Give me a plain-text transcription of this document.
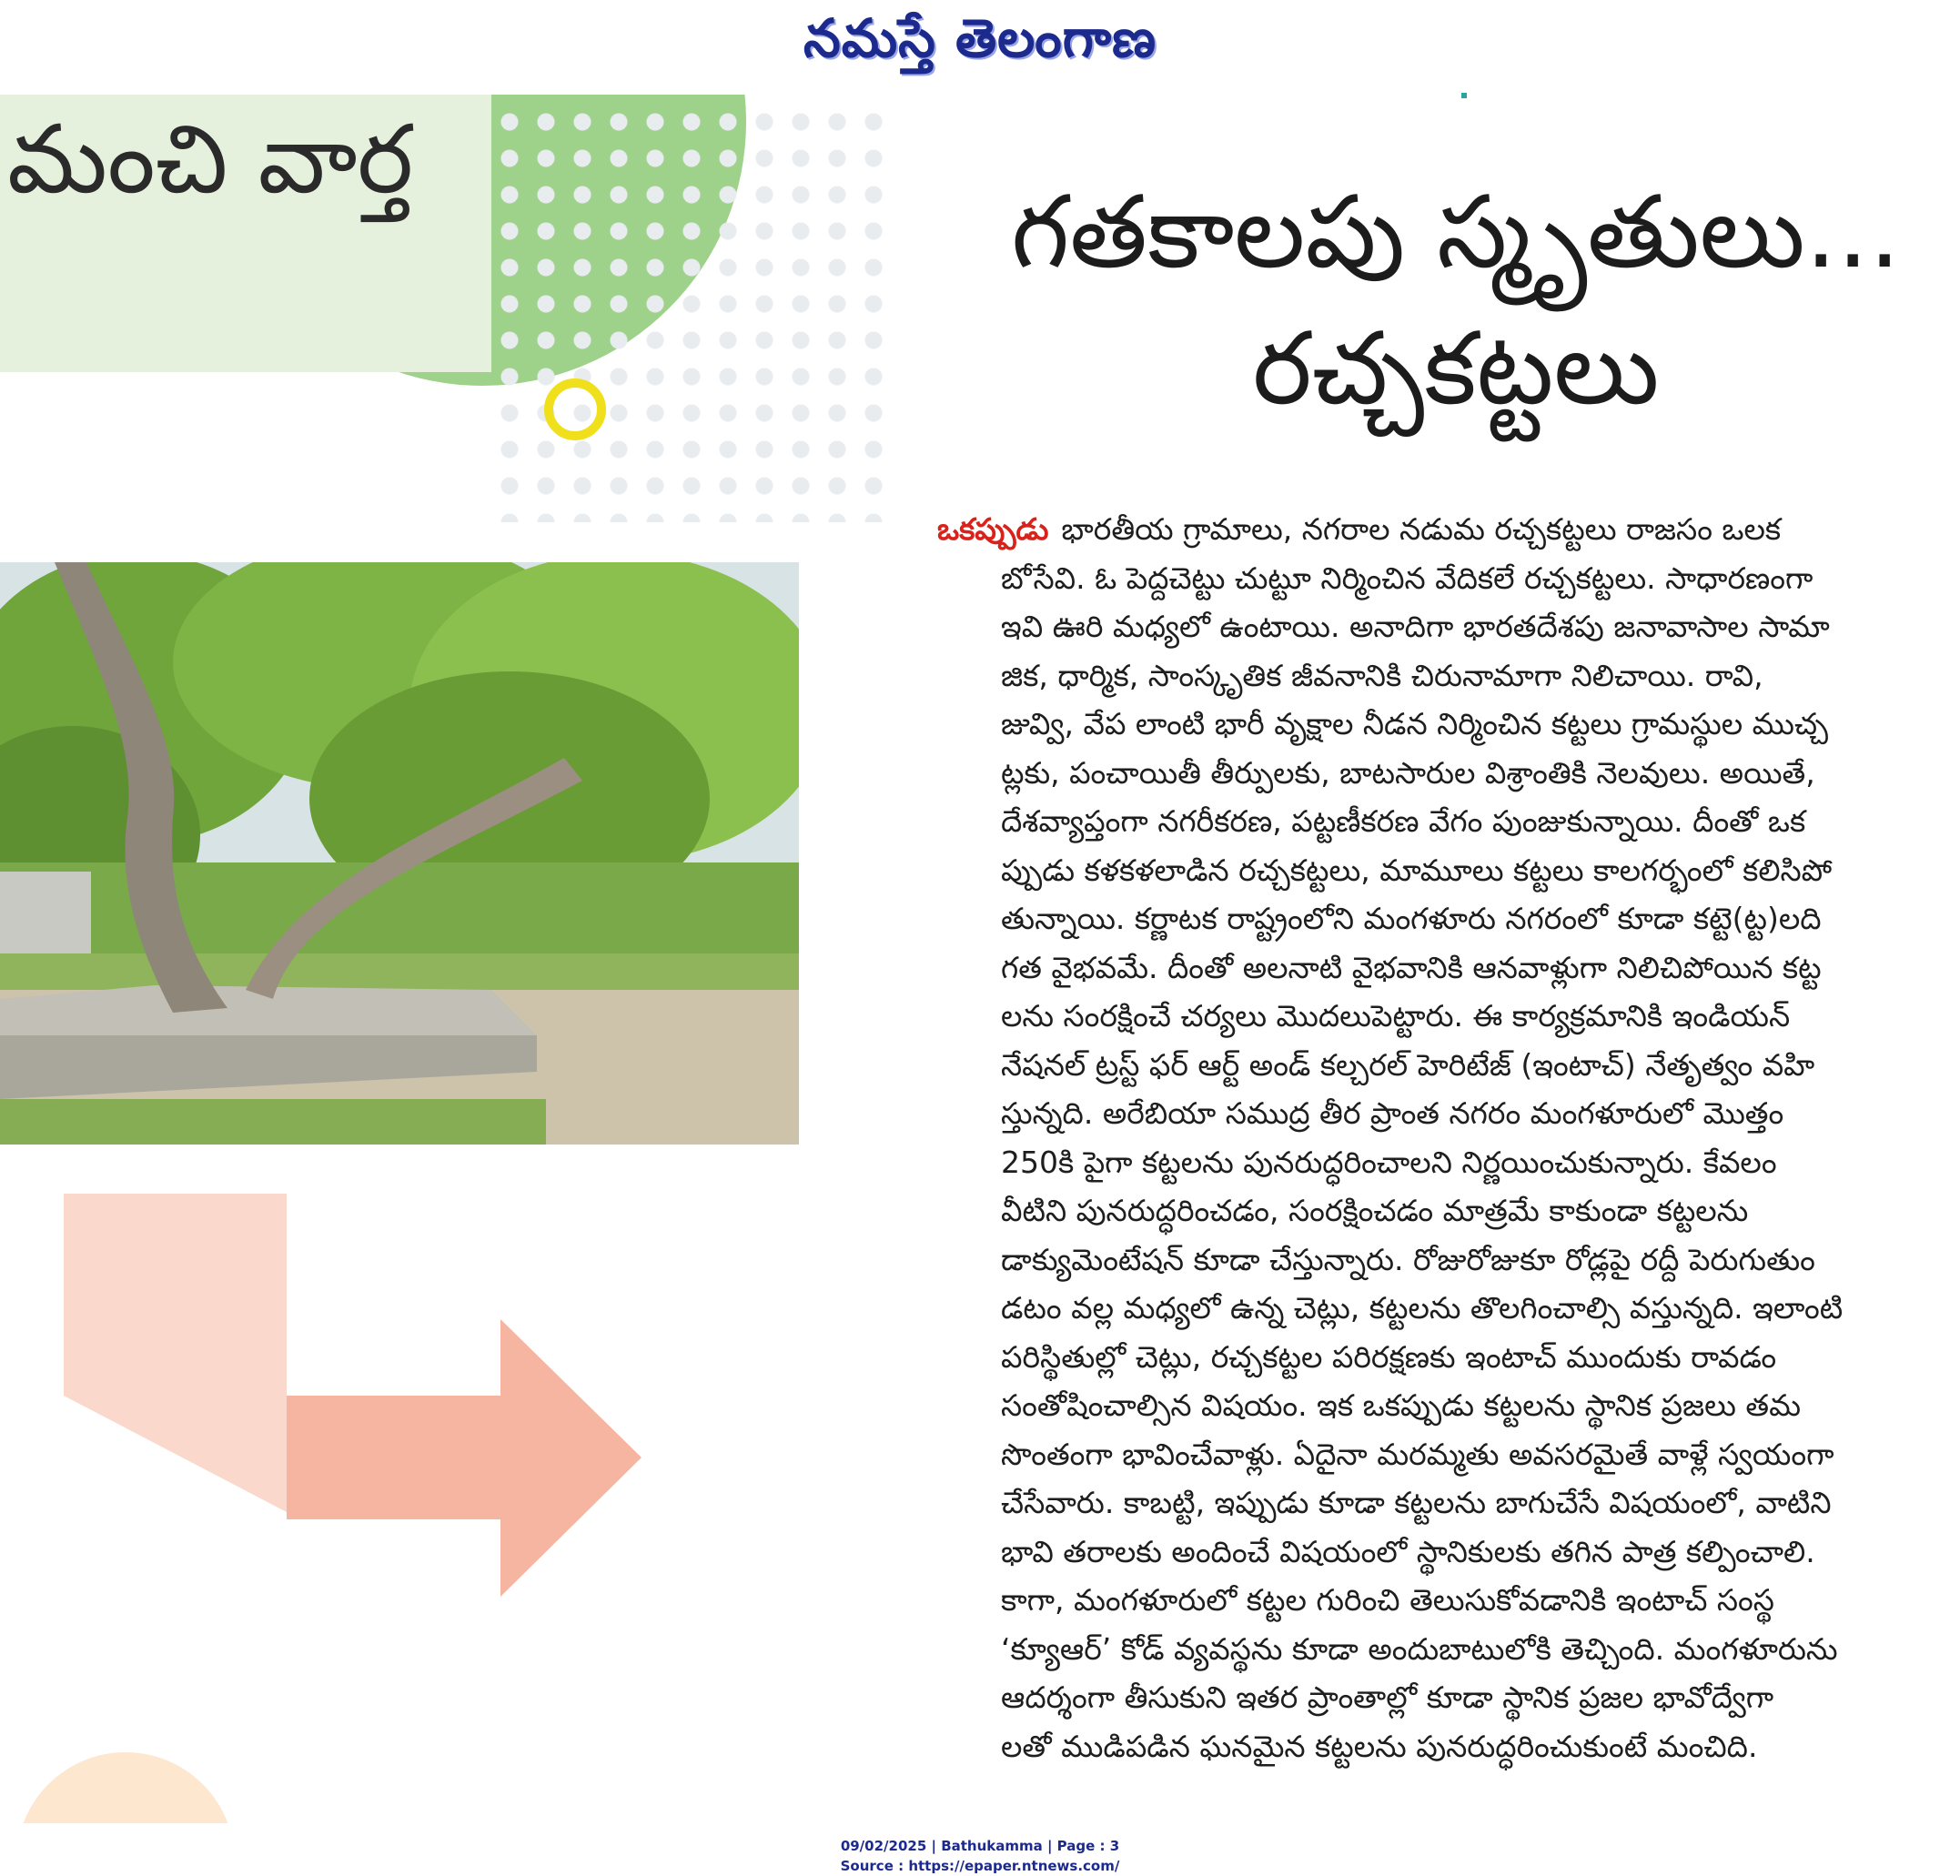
నమస్తే తెలంగాణ
మంచి వార్త
గతకాలపు స్మృతులు...
రచ్చకట్టలు
ఒకప్పుడు భారతీయ గ్రామాలు, నగరాల నడుమ రచ్చకట్టలు రాజసం ఒలక
బోసేవి. ఓ పెద్దచెట్టు చుట్టూ నిర్మించిన వేదికలే రచ్చకట్టలు. సాధారణంగా
ఇవి ఊరి మధ్యలో ఉంటాయి. అనాదిగా భారతదేశపు జనావాసాల సామా
జిక, ధార్మిక, సాంస్కృతిక జీవనానికి చిరునామాగా నిలిచాయి. రావి,
జువ్వి, వేప లాంటి భారీ వృక్షాల నీడన నిర్మించిన కట్టలు గ్రామస్థుల ముచ్చ
ట్లకు, పంచాయితీ తీర్పులకు, బాటసారుల విశ్రాంతికి నెలవులు. అయితే,
దేశవ్యాప్తంగా నగరీకరణ, పట్టణీకరణ వేగం పుంజుకున్నాయి. దీంతో ఒక
ప్పుడు కళకళలాడిన రచ్చకట్టలు, మామూలు కట్టలు కాలగర్భంలో కలిసిపో
తున్నాయి. కర్ణాటక రాష్ట్రంలోని మంగళూరు నగరంలో కూడా కట్టె(ట్ట)లది
గత వైభవమే. దీంతో అలనాటి వైభవానికి ఆనవాళ్లుగా నిలిచిపోయిన కట్ట
లను సంరక్షించే చర్యలు మొదలుపెట్టారు. ఈ కార్యక్రమానికి ఇండియన్
నేషనల్ ట్రస్ట్ ఫర్ ఆర్ట్ అండ్ కల్చరల్ హెరిటేజ్ (ఇంటాచ్) నేతృత్వం వహి
స్తున్నది. అరేబియా సముద్ర తీర ప్రాంత నగరం మంగళూరులో మొత్తం
250కి పైగా కట్టలను పునరుద్ధరించాలని నిర్ణయించుకున్నారు. కేవలం
వీటిని పునరుద్ధరించడం, సంరక్షించడం మాత్రమే కాకుండా కట్టలను
డాక్యుమెంటేషన్ కూడా చేస్తున్నారు. రోజురోజుకూ రోడ్లపై రద్దీ పెరుగుతుం
డటం వల్ల మధ్యలో ఉన్న చెట్లు, కట్టలను తొలగించాల్సి వస్తున్నది. ఇలాంటి
పరిస్థితుల్లో చెట్లు, రచ్చకట్టల పరిరక్షణకు ఇంటాచ్ ముందుకు రావడం
సంతోషించాల్సిన విషయం. ఇక ఒకప్పుడు కట్టలను స్థానిక ప్రజలు తమ
సొంతంగా భావించేవాళ్లు. ఏదైనా మరమ్మతు అవసరమైతే వాళ్లే స్వయంగా
చేసేవారు. కాబట్టి, ఇప్పుడు కూడా కట్టలను బాగుచేసే విషయంలో, వాటిని
భావి తరాలకు అందించే విషయంలో స్థానికులకు తగిన పాత్ర కల్పించాలి.
కాగా, మంగళూరులో కట్టల గురించి తెలుసుకోవడానికి ఇంటాచ్ సంస్థ
‘క్యూఆర్’ కోడ్ వ్యవస్థను కూడా అందుబాటులోకి తెచ్చింది. మంగళూరును
ఆదర్శంగా తీసుకుని ఇతర ప్రాంతాల్లో కూడా స్థానిక ప్రజల భావోద్వేగా
లతో ముడిపడిన ఘనమైన కట్టలను పునరుద్ధరించుకుంటే మంచిది.
09/02/2025 | Bathukamma | Page : 3
Source : https://epaper.ntnews.com/
